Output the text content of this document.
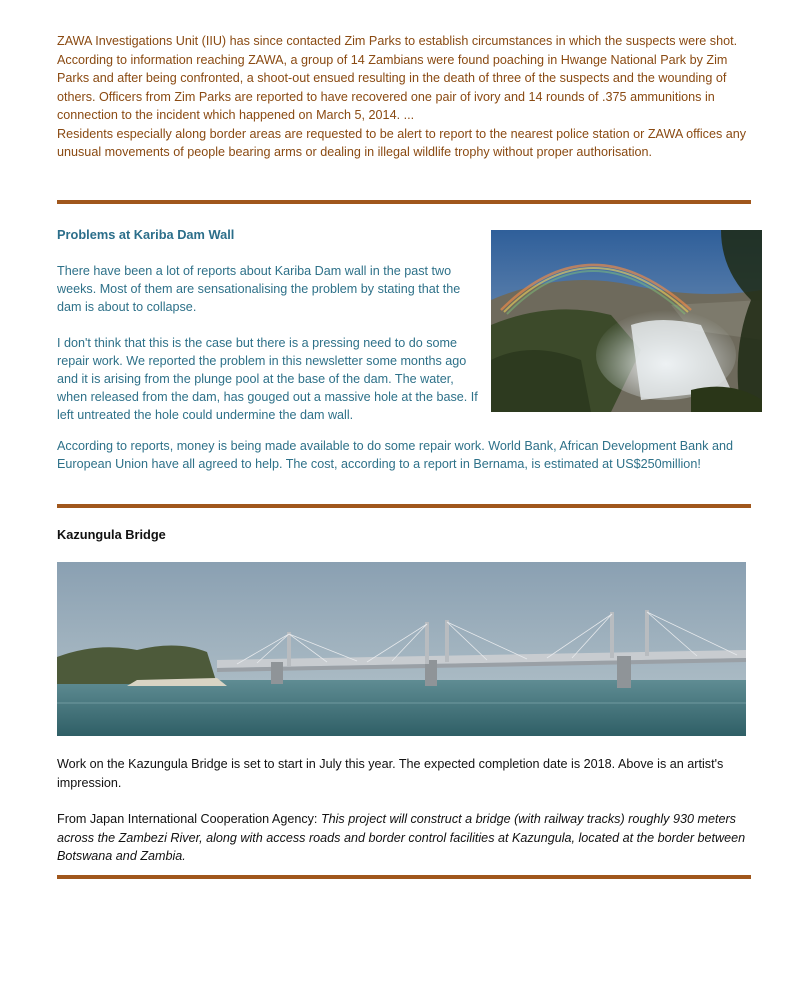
ZAWA Investigations Unit (IIU) has since contacted Zim Parks to establish circumstances in which the suspects were shot.

According to information reaching ZAWA, a group of 14 Zambians were found poaching in Hwange National Park by Zim Parks and after being confronted, a shoot-out ensued resulting in the death of three of the suspects and the wounding of others. Officers from Zim Parks are reported to have recovered one pair of ivory and 14 rounds of .375 ammunitions in connection to the incident which happened on March 5, 2014. ...

Residents especially along border areas are requested to be alert to report to the nearest police station or ZAWA offices any unusual movements of people bearing arms or dealing in illegal wildlife trophy without proper authorisation.

Problems at Kariba Dam Wall

There have been a lot of reports about Kariba Dam wall in the past two weeks. Most of them are sensationalising the problem by stating that the dam is about to collapse.

I don't think that this is the case but there is a pressing need to do some repair work. We reported the problem in this newsletter some months ago and it is arising from the plunge pool at the base of the dam. The water, when released from the dam, has gouged out a massive hole at the base. If left untreated the hole could undermine the dam wall.

According to reports, money is being made available to do some repair work. World Bank, African Development Bank and European Union have all agreed to help. The cost, according to a report in Bernama, is estimated at US$250million!

Kazungula Bridge

Work on the Kazungula Bridge is set to start in July this year. The expected completion date is 2018. Above is an artist's impression.

From Japan International Cooperation Agency: This project will construct a bridge (with railway tracks) roughly 930 meters across the Zambezi River, along with access roads and border control facilities at Kazungula, located at the border between Botswana and Zambia.
